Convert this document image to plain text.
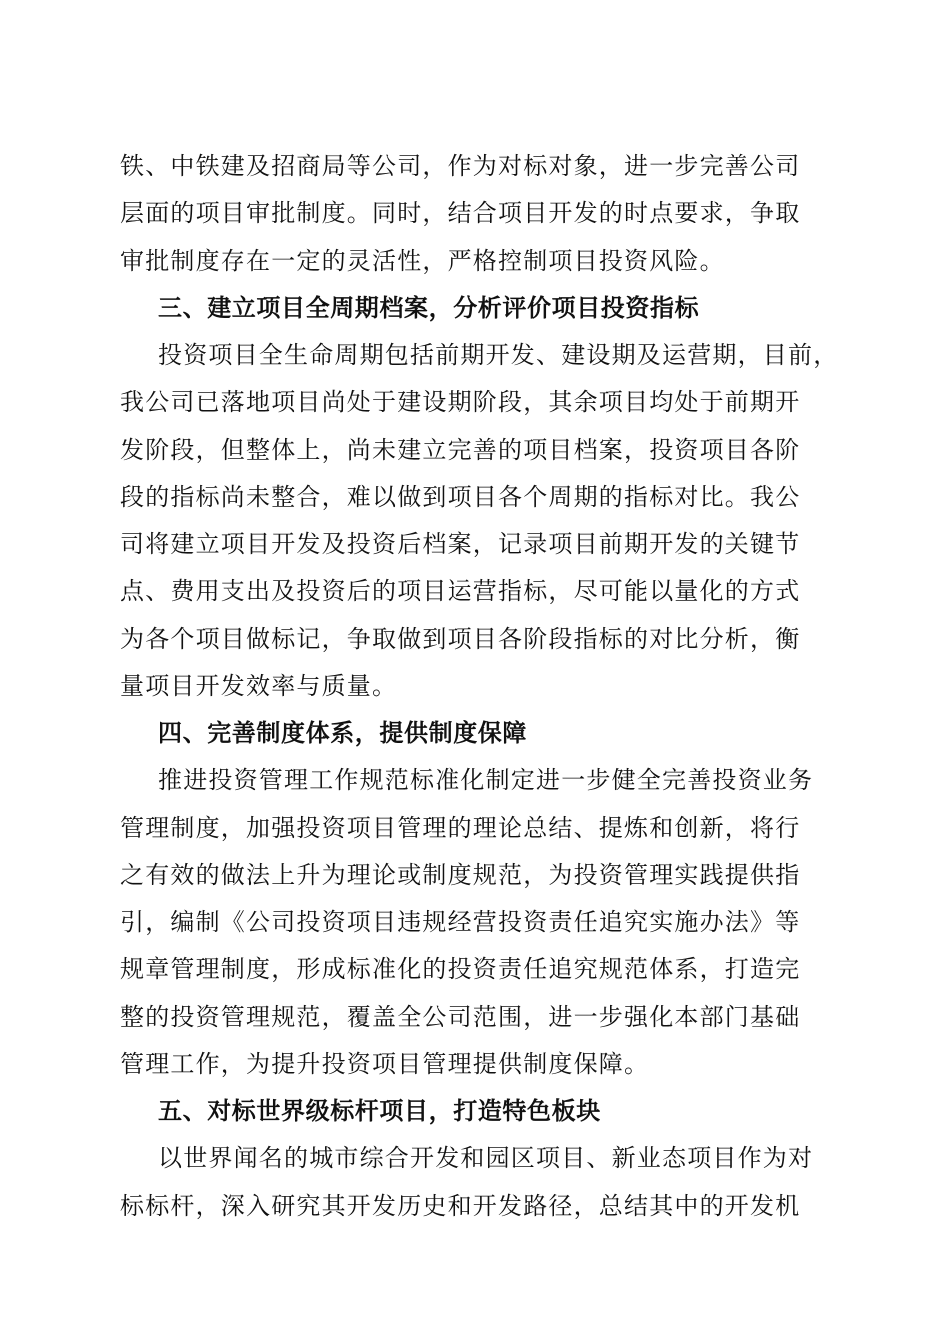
铁、中铁建及招商局等公司，作为对标对象，进一步完善公司
层面的项目审批制度。同时，结合项目开发的时点要求，争取
审批制度存在一定的灵活性，严格控制项目投资风险。
三、建立项目全周期档案，分析评价项目投资指标
投资项目全生命周期包括前期开发、建设期及运营期，目前，
我公司已落地项目尚处于建设期阶段，其余项目均处于前期开
发阶段，但整体上，尚未建立完善的项目档案，投资项目各阶
段的指标尚未整合，难以做到项目各个周期的指标对比。我公
司将建立项目开发及投资后档案，记录项目前期开发的关键节
点、费用支出及投资后的项目运营指标，尽可能以量化的方式
为各个项目做标记，争取做到项目各阶段指标的对比分析，衡
量项目开发效率与质量。
四、完善制度体系，提供制度保障
推进投资管理工作规范标准化制定进一步健全完善投资业务
管理制度，加强投资项目管理的理论总结、提炼和创新，将行
之有效的做法上升为理论或制度规范，为投资管理实践提供指
引，编制《公司投资项目违规经营投资责任追究实施办法》等
规章管理制度，形成标准化的投资责任追究规范体系，打造完
整的投资管理规范，覆盖全公司范围，进一步强化本部门基础
管理工作，为提升投资项目管理提供制度保障。
五、对标世界级标杆项目，打造特色板块
以世界闻名的城市综合开发和园区项目、新业态项目作为对
标标杆，深入研究其开发历史和开发路径，总结其中的开发机
